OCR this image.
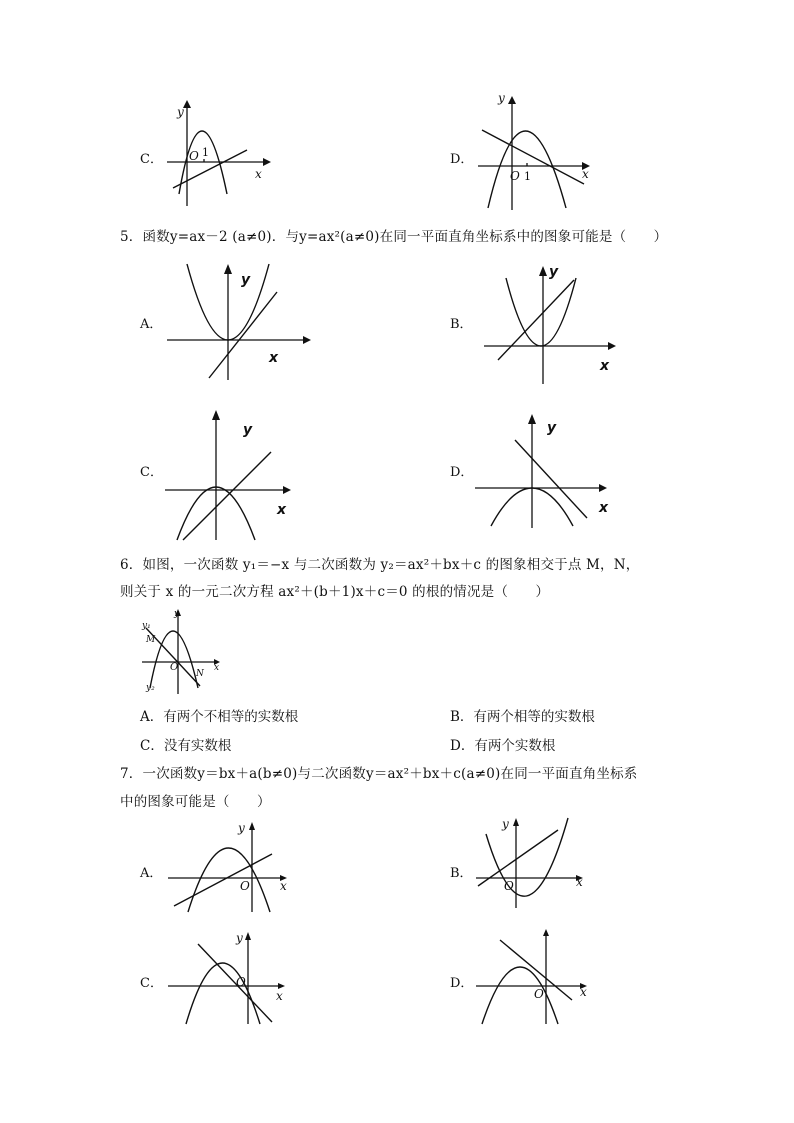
C．
y
x
O 1	D．
y
x
O 1
5．函数y=ax－2 (a≠0)．与y=ax²(a≠0)在同一平面直角坐标系中的图象可能是（　　）
A．
y
x
B．
y
x
C．
y
x
D．
y
x
6．如图，一次函数 y₁＝−x 与二次函数为 y₂＝ax²＋bx＋c 的图象相交于点 M，N，
则关于 x 的一元二次方程 ax²＋(b＋1)x＋c＝0 的根的情况是（　　）
y
x
O
y₁
y₂
M
N
A．有两个不相等的实数根	B．有两个相等的实数根
C．没有实数根	D．有两个实数根
7．一次函数y＝bx＋a(b≠0)与二次函数y＝ax²＋bx＋c(a≠0)在同一平面直角坐标系
中的图象可能是（　　）
A．
y
x
O
B．
y
x
O
C．
y
x
O	D．
x
O
